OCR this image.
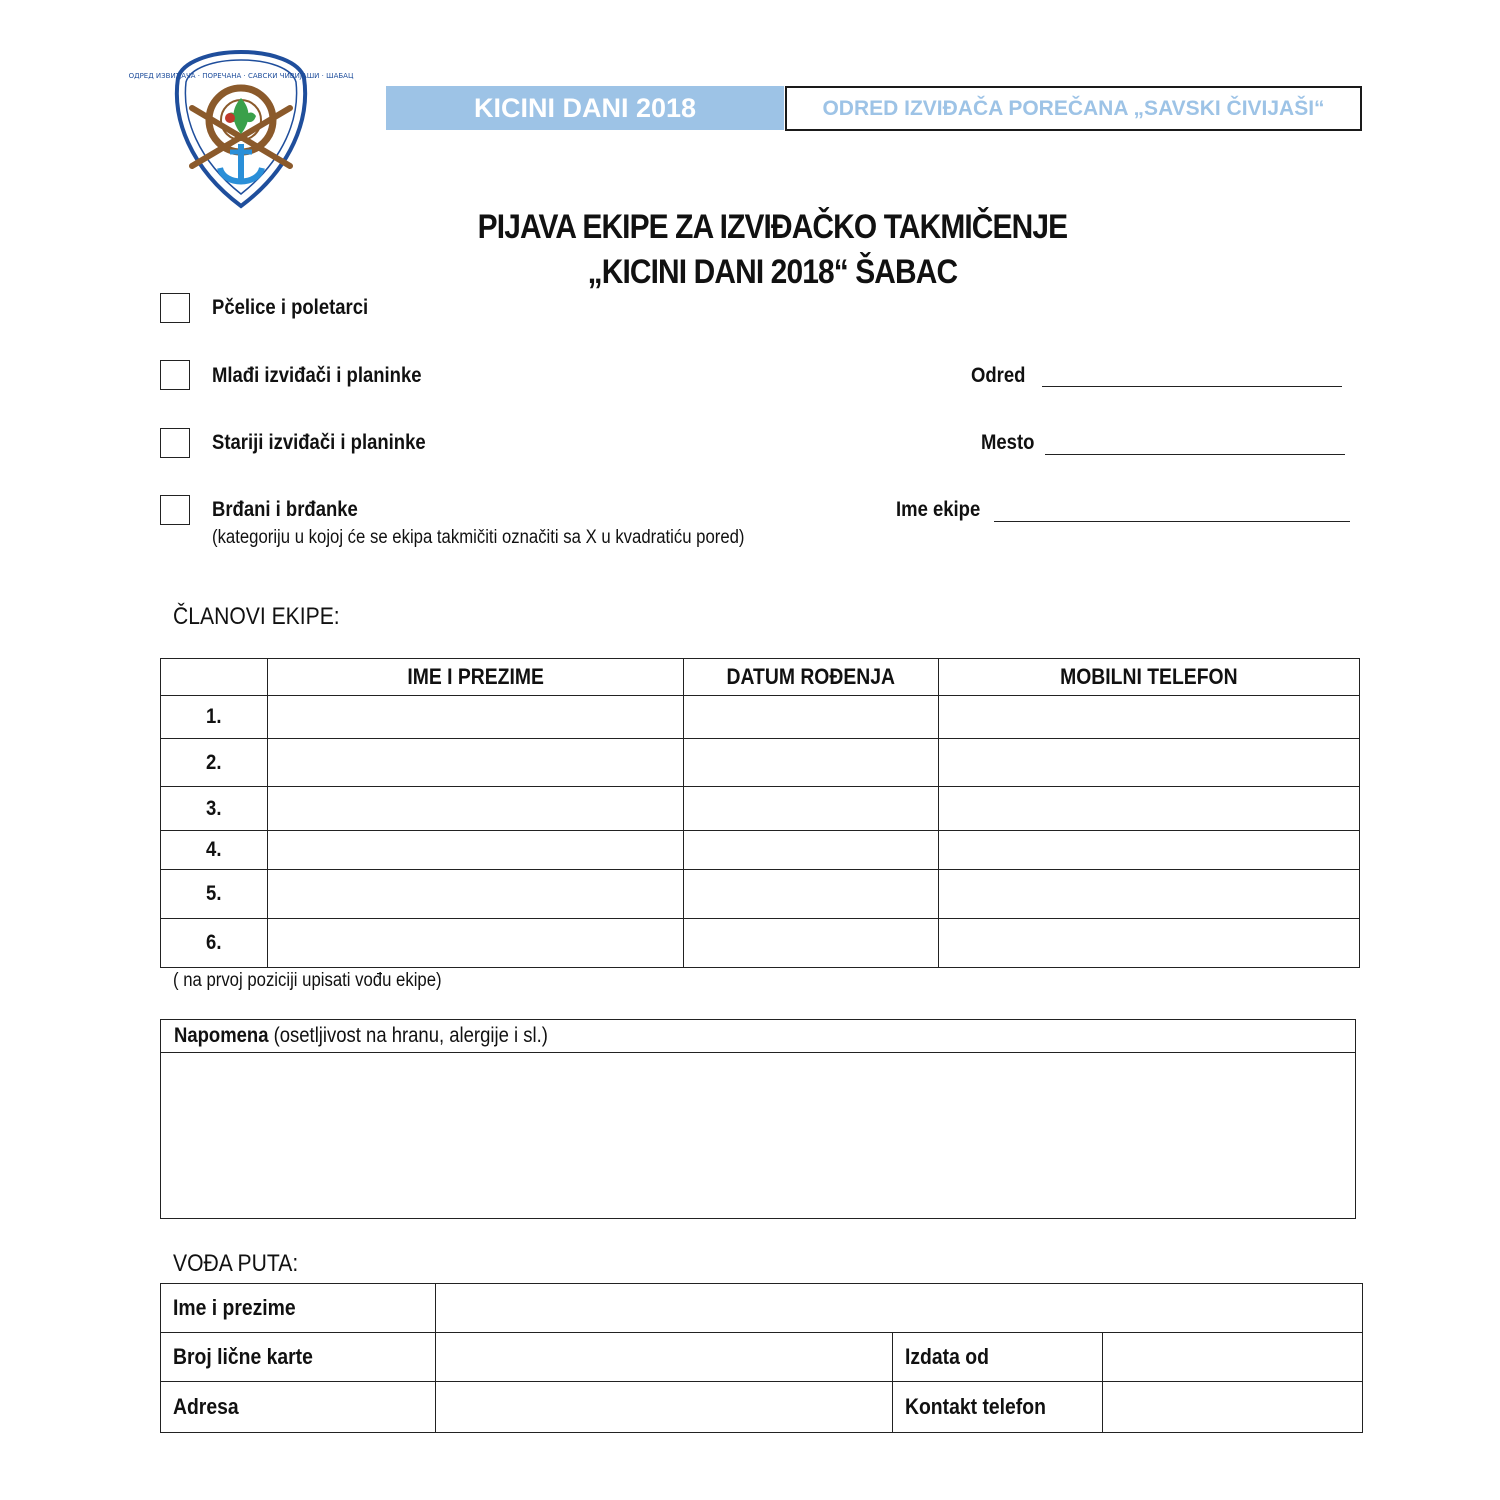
ОДРЕД ИЗВИЂАЧА · ПОРЕЧАНА · САВСКИ ЧИВИЈАШИ · ШАБАЦ
KICINI DANI 2018	ODRED IZVIĐAČA POREČANA „SAVSKI ČIVIJAŠI“
PIJAVA EKIPE ZA IZVIĐAČKO TAKMIČENJE
„KICINI DANI 2018“ ŠABAC
Pčelice i poletarci
Mlađi izviđači i planinke
Stariji izviđači i planinke
Brđani i brđanke
(kategoriju u kojoj će se ekipa takmičiti označiti sa X u kvadratiću pored)
Odred
Mesto
Ime ekipe
ČLANOVI EKIPE:
	IME I PREZIME	DATUM ROĐENJA	MOBILNI TELEFON
1.			
2.			
3.			
4.			
5.			
6.			
( na prvoj poziciji upisati vođu ekipe)
Napomena (osetljivost na hranu, alergije i sl.)
VOĐA PUTA:
Ime i prezime			
Broj lične karte		Izdata od	
Adresa		Kontakt telefon	
